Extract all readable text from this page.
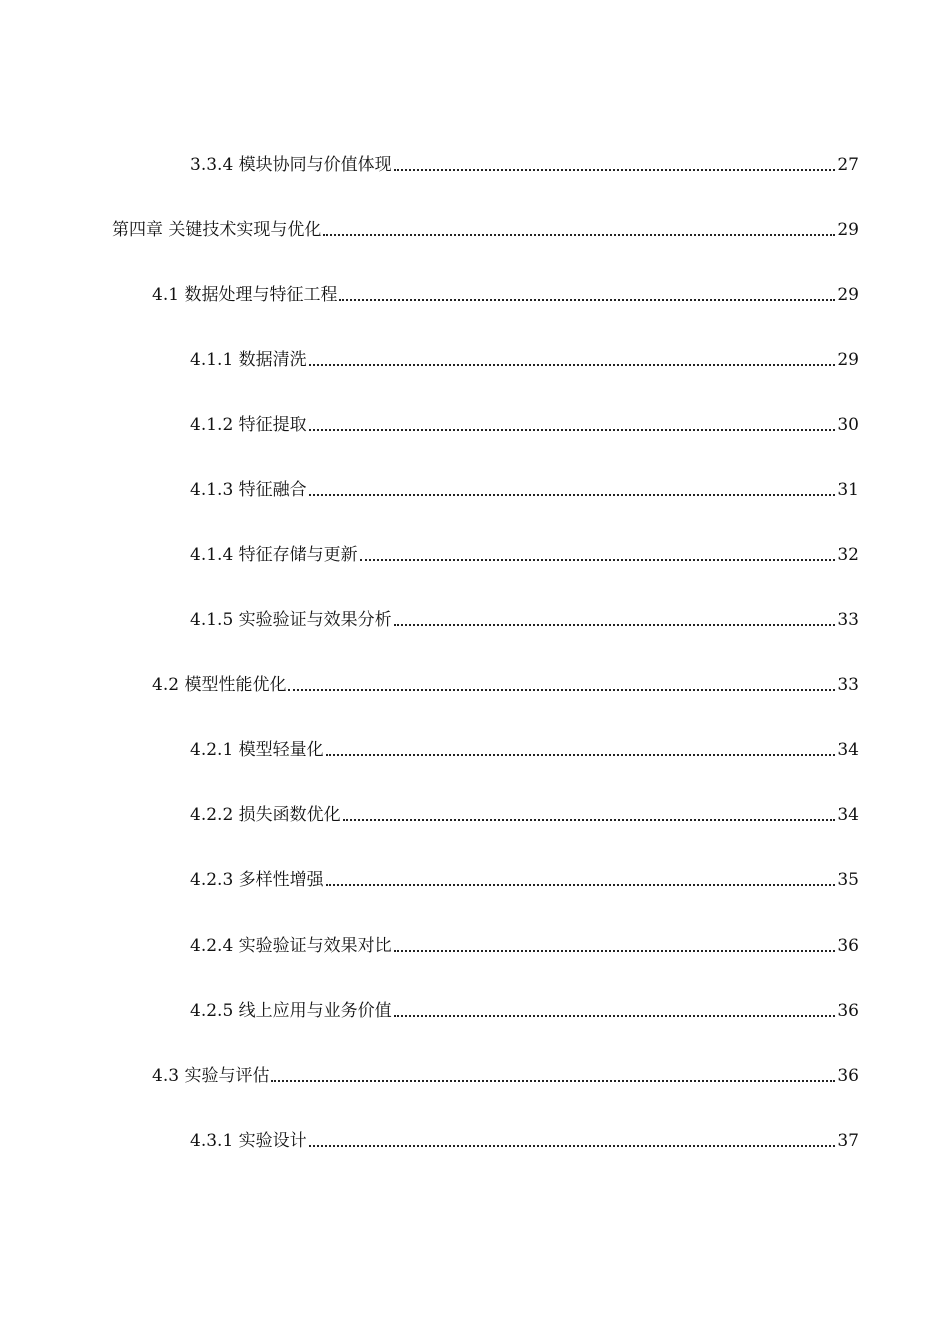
3.3.4 模块协同与价值体现	27
第四章 关键技术实现与优化	29
4.1 数据处理与特征工程	29
4.1.1 数据清洗	29
4.1.2 特征提取	30
4.1.3 特征融合	31
4.1.4 特征存储与更新	32
4.1.5 实验验证与效果分析	33
4.2 模型性能优化	33
4.2.1 模型轻量化	34
4.2.2 损失函数优化	34
4.2.3 多样性增强	35
4.2.4 实验验证与效果对比	36
4.2.5 线上应用与业务价值	36
4.3 实验与评估	36
4.3.1 实验设计	37
